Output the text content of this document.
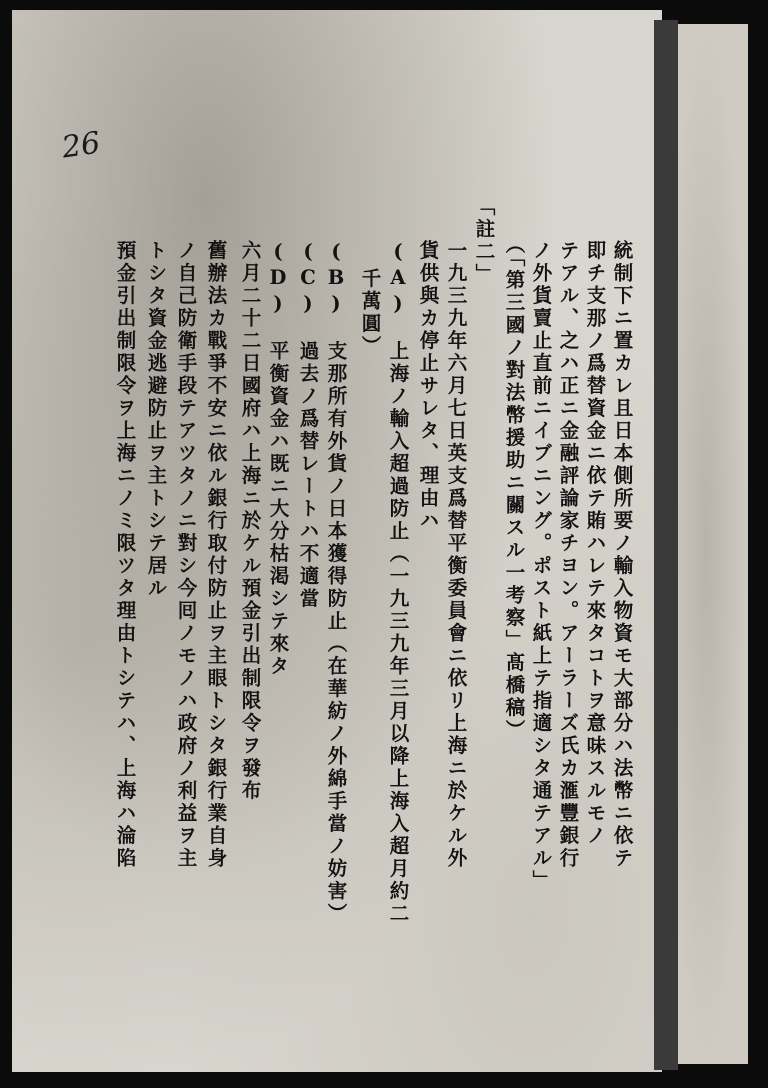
26
統制下ニ置カレ且日本側所要ノ輸入物資モ大部分ハ法幣ニ依テ
即チ支那ノ爲替資金ニ依テ賄ハレテ來タコトヲ意味スルモノ
テアル、之ハ正ニ金融評論家チヨン。アーラーズ氏カ滙豐銀行
ノ外貨賣止直前ニイブニング。ポスト紙上テ指適シタ通テアル」
（「第三國ノ對法幣援助ニ關スル一考察」髙橋稿）
「註二」
一九三九年六月七日英支爲替平衡委員會ニ依リ上海ニ於ケル外
貨供與カ停止サレタ、理由ハ
(A)　上海ノ輸入超過防止（一九三九年三月以降上海入超月約二
千萬圓）
(B)　支那所有外貨ノ日本獲得防止（在華紡ノ外綿手當ノ妨害）
(C)　過去ノ爲替レートハ不適當
(D)　平衡資金ハ既ニ大分枯渇シテ來タ
六月二十二日國府ハ上海ニ於ケル預金引出制限令ヲ發布
舊辦法カ戰爭不安ニ依ル銀行取付防止ヲ主眼トシタ銀行業自身
ノ自己防衛手段テアツタノニ對シ今囘ノモノハ政府ノ利益ヲ主
トシタ資金逃避防止ヲ主トシテ居ル
預金引出制限令ヲ上海ニノミ限ツタ理由トシテハ、上海ハ淪陷
